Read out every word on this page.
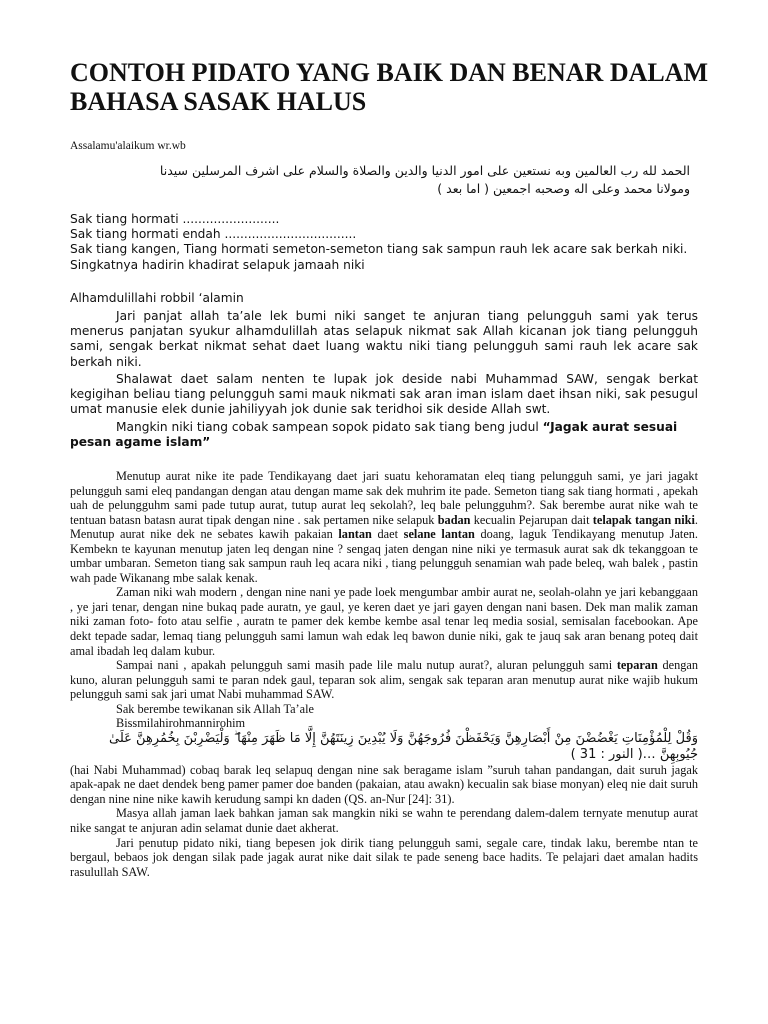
CONTOH PIDATO YANG BAIK DAN BENAR DALAM BAHASA SASAK HALUS
Assalamu'alaikum wr.wb
الحمد لله رب العالمين وبه نستعين على امور الدنيا والدين والصلاة والسلام على اشرف المرسلين سيدنا
ومولانا محمد وعلى اله وصحبه اجمعين ( اما بعد )
Sak tiang hormati .........................
Sak tiang hormati endah ..................................
Sak tiang kangen, Tiang hormati semeton-semeton tiang sak sampun rauh lek acare sak berkah niki. Singkatnya hadirin khadirat selapuk jamaah niki
Alhamdulillahi robbil ‘alamin

Jari panjat allah ta’ale lek bumi niki sanget te anjuran tiang pelungguh sami yak terus menerus panjatan syukur alhamdulillah atas selapuk nikmat sak Allah kicanan jok tiang pelungguh sami, sengak berkat nikmat sehat daet luang waktu niki tiang pelungguh sami rauh lek acare sak berkah niki.

Shalawat daet salam nenten te lupak jok deside nabi Muhammad SAW, sengak berkat kegigihan beliau tiang pelungguh sami mauk nikmati sak aran iman islam daet ihsan niki, sak pesugul umat manusie elek dunie jahiliyyah jok dunie sak teridhoi sik deside Allah swt.

Mangkin niki tiang cobak sampean sopok pidato sak tiang beng judul “Jagak aurat sesuai pesan agame islam”

Menutup aurat nike ite pade Tendikayang daet jari suatu kehoramatan eleq tiang pelungguh sami, ye jari jagakt pelungguh sami eleq pandangan dengan atau dengan mame sak dek muhrim ite pade. Semeton tiang sak tiang hormati , apekah uah de pelungguhm sami pade tutup aurat, tutup aurat leq sekolah?, leq bale pelungguhm?. Sak berembe aurat nike wah te tentuan batasn batasn aurat tipak dengan nine . sak pertamen nike selapuk badan kecualin Pejarupan dait telapak tangan niki. Menutup aurat nike dek ne sebates kawih pakaian lantan daet selane lantan doang, laguk Tendikayang menutup Jaten. Kembekn te kayunan menutup jaten leq dengan nine ? sengaq jaten dengan nine niki ye termasuk aurat sak dk tekanggoan te umbar umbaran. Semeton tiang sak sampun rauh leq acara niki , tiang pelungguh senamian wah pade beleq, wah balek , pastin wah pade Wikanang mbe salak kenak.

Zaman niki wah modern , dengan nine nani ye pade loek mengumbar ambir aurat ne, seolah-olahn ye jari kebanggaan , ye jari tenar, dengan nine bukaq pade auratn, ye gaul, ye keren daet ye jari gayen dengan nani basen. Dek man malik zaman niki zaman foto- foto atau selfie , auratn te pamer dek kembe kembe asal tenar leq media sosial, semisalan facebookan. Ape dekt tepade sadar, lemaq tiang pelungguh sami lamun wah edak leq bawon dunie niki, gak te jauq sak aran benang poteq dait amal ibadah leq dalam kubur.

Sampai nani , apakah pelungguh sami masih pade lile malu nutup aurat?, aluran pelungguh sami teparan dengan kuno, aluran pelungguh sami te paran ndek gaul, teparan sok alim, sengak sak teparan aran menutup aurat nike wajib hukum pelungguh sami sak jari umat Nabi muhammad SAW.

Sak berembe tewikanan sik Allah Ta’ale
Bissmilahirohmannirohim
وَقُلْ لِلْمُؤْمِنَاتِ يَغْضُضْنَ مِنْ أَبْصَارِهِنَّ وَيَحْفَظْنَ فُرُوجَهُنَّ وَلَا يُبْدِينَ زِينَتَهُنَّ إِلَّا مَا ظَهَرَ مِنْهَا ۖ وَلْيَضْرِبْنَ بِخُمُرِهِنَّ عَلَىٰ جُيُوبِهِنَّ …( النور : 31 )

(hai Nabi Muhammad) cobaq barak leq selapuq dengan nine sak beragame islam ”suruh tahan pandangan, dait suruh jagak apak-apak ne daet dendek beng pamer pamer doe banden (pakaian, atau awakn) kecualin sak biase monyan) eleq nie dait suruh dengan nine nine nike kawih kerudung sampi kn daden (QS. an-Nur [24]: 31).

Masya allah jaman laek bahkan jaman sak mangkin niki se wahn te perendang dalem-dalem ternyate menutup aurat nike sangat te anjuran adin selamat dunie daet akherat.

Jari penutup pidato niki, tiang bepesen jok dirik tiang pelungguh sami, segale care, tindak laku, berembe ntan te bergaul, bebaos jok dengan silak pade jagak aurat nike dait silak te pade seneng bace hadits. Te pelajari daet amalan hadits rasulullah SAW.
